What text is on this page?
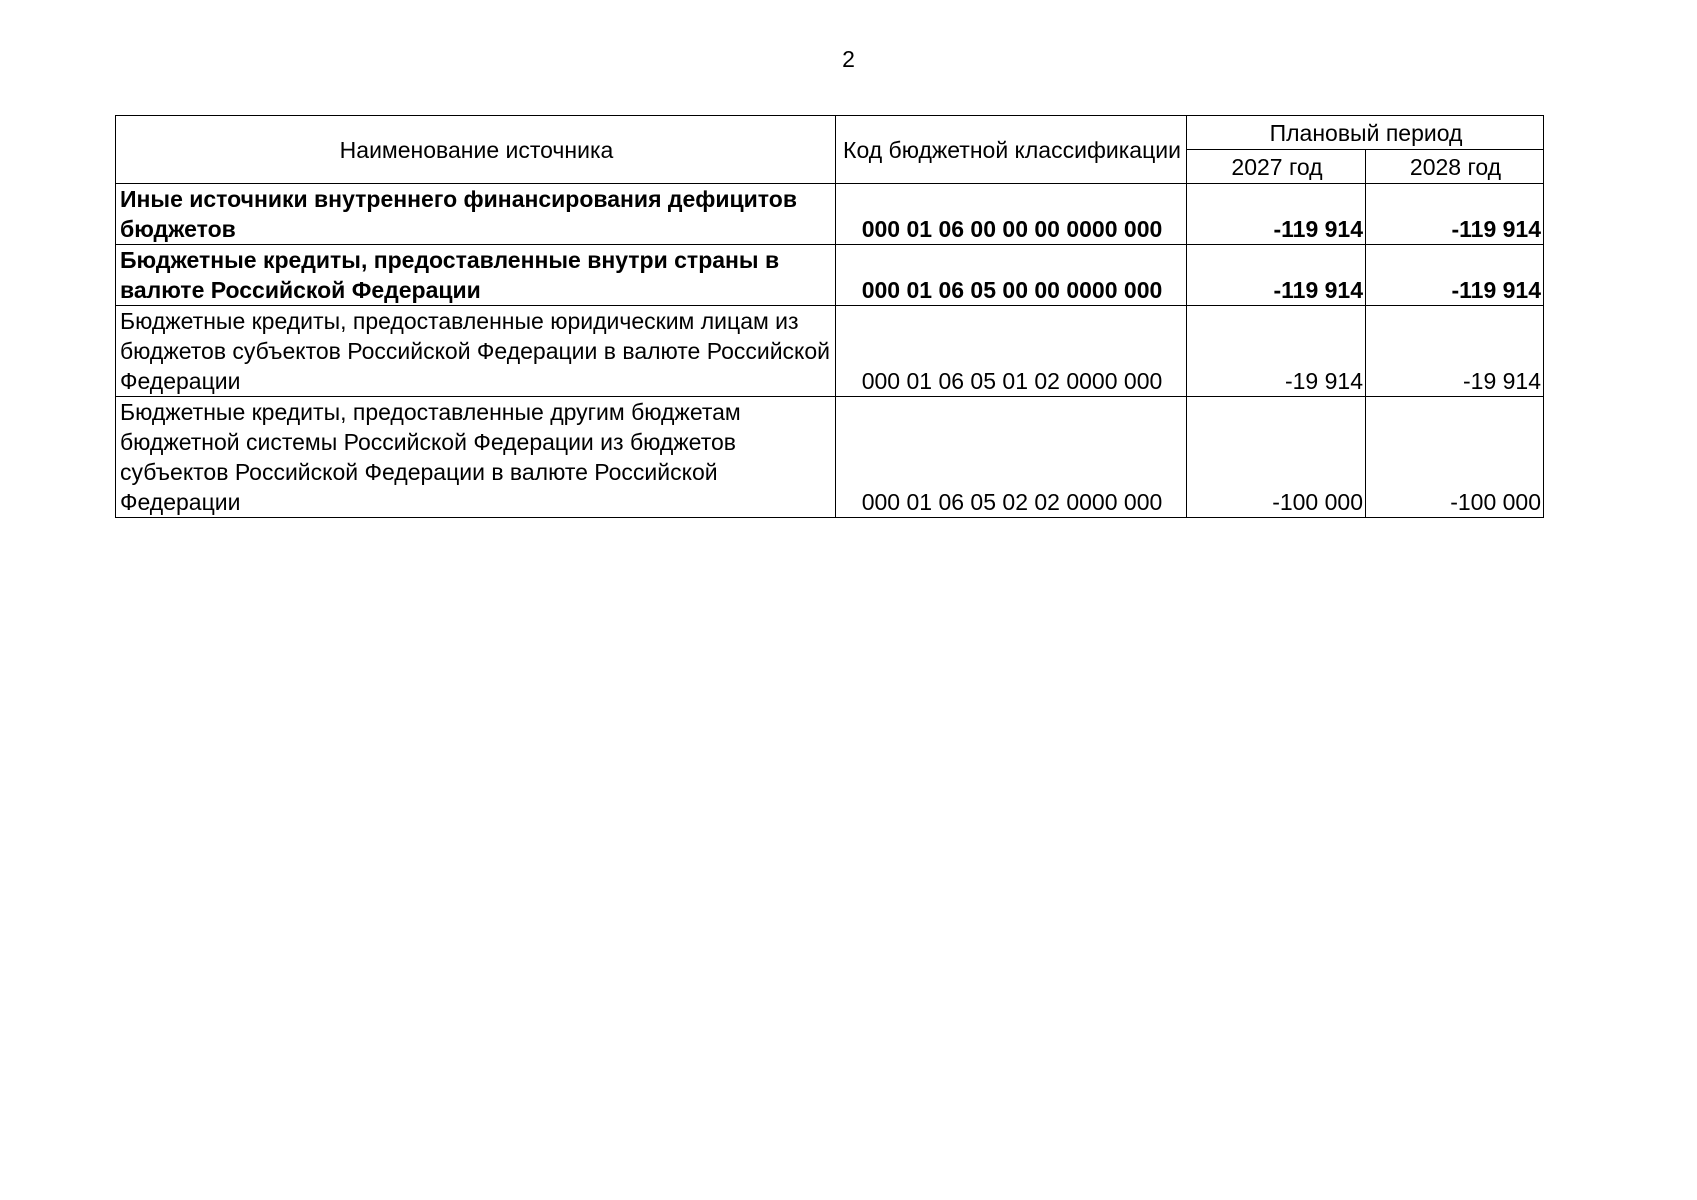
2
Наименование источника	Код бюджетной классификации	Плановый период	
		2027 год	2028 год
Иные источники внутреннего финансирования дефицитов бюджетов	000 01 06 00 00 00 0000 000	-119 914	-119 914
Бюджетные кредиты, предоставленные внутри страны в валюте Российской Федерации	000 01 06 05 00 00 0000 000	-119 914	-119 914
Бюджетные кредиты, предоставленные юридическим лицам из бюджетов субъектов Российской Федерации в валюте Российской Федерации	000 01 06 05 01 02 0000 000	-19 914	-19 914
Бюджетные кредиты, предоставленные другим бюджетам бюджетной системы Российской Федерации из бюджетов субъектов Российской Федерации в валюте Российской Федерации	000 01 06 05 02 02 0000 000	-100 000	-100 000
